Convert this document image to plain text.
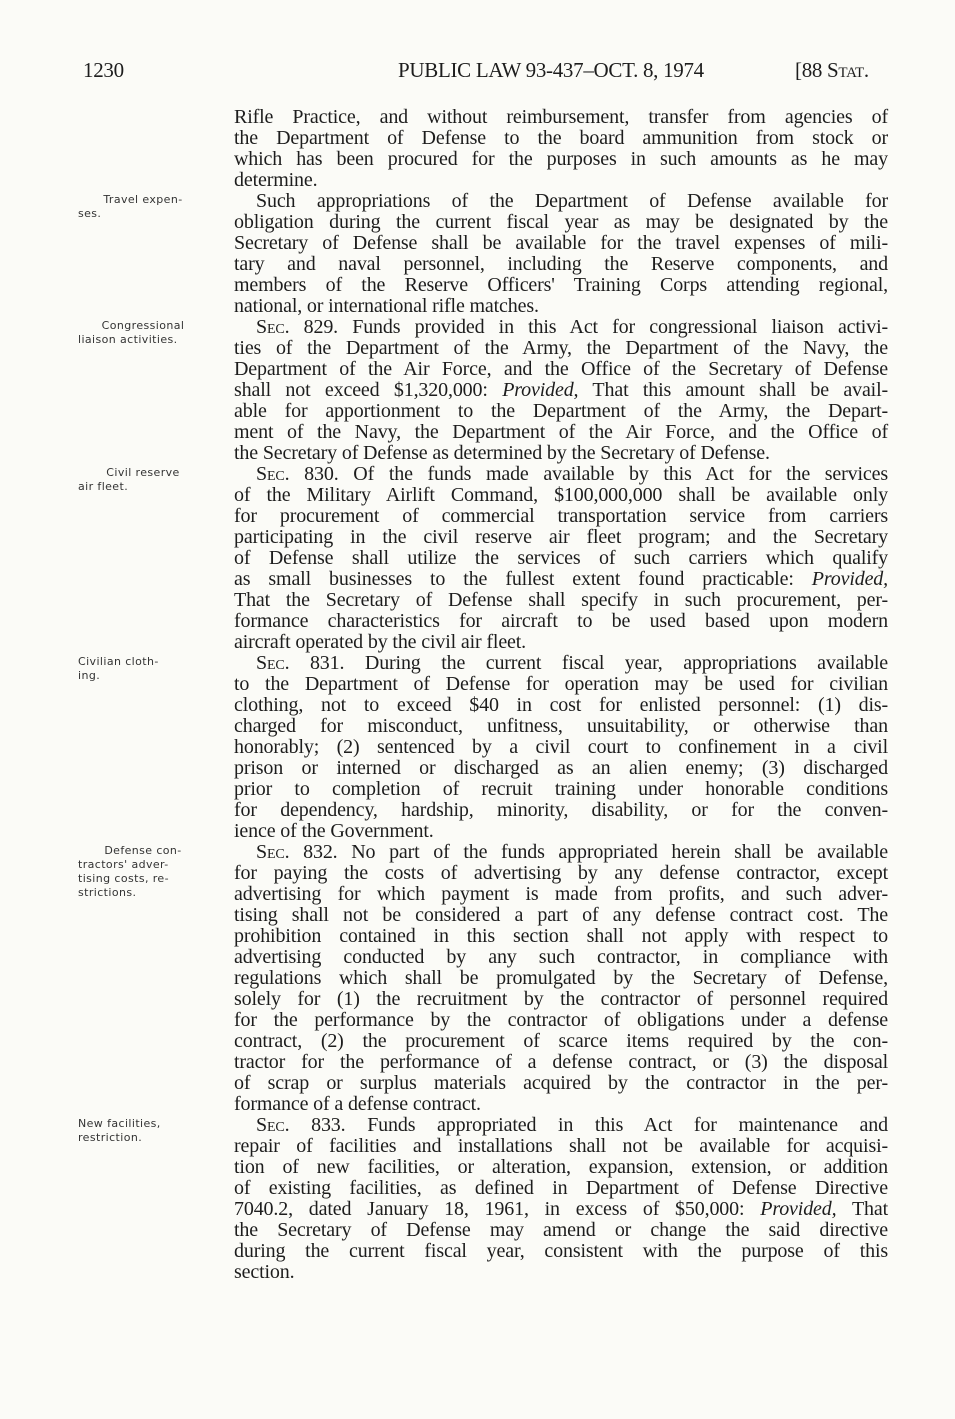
1230	PUBLIC LAW 93-437–OCT. 8, 1974	[88 Stat.
Travel expen-
ses.
Congressional
liaison activities.
Civil reserve
air fleet.
Civilian cloth-
ing.
Defense con-
tractors' adver-
tising costs, re-
strictions.
New facilities,
restriction.
Rifle Practice, and without reimbursement, transfer from agencies of
the Department of Defense to the board ammunition from stock or
which has been procured for the purposes in such amounts as he may
determine.
Such appropriations of the Department of Defense available for
obligation during the current fiscal year as may be designated by the
Secretary of Defense shall be available for the travel expenses of mili-
tary and naval personnel, including the Reserve components, and
members of the Reserve Officers' Training Corps attending regional,
national, or international rifle matches.
Sec. 829. Funds provided in this Act for congressional liaison activi-
ties of the Department of the Army, the Department of the Navy, the
Department of the Air Force, and the Office of the Secretary of Defense
shall not exceed $1,320,000: Provided, That this amount shall be avail-
able for apportionment to the Department of the Army, the Depart-
ment of the Navy, the Department of the Air Force, and the Office of
the Secretary of Defense as determined by the Secretary of Defense.
Sec. 830. Of the funds made available by this Act for the services
of the Military Airlift Command, $100,000,000 shall be available only
for procurement of commercial transportation service from carriers
participating in the civil reserve air fleet program; and the Secretary
of Defense shall utilize the services of such carriers which qualify
as small businesses to the fullest extent found practicable: Provided,
That the Secretary of Defense shall specify in such procurement, per-
formance characteristics for aircraft to be used based upon modern
aircraft operated by the civil air fleet.
Sec. 831. During the current fiscal year, appropriations available
to the Department of Defense for operation may be used for civilian
clothing, not to exceed $40 in cost for enlisted personnel: (1) dis-
charged for misconduct, unfitness, unsuitability, or otherwise than
honorably; (2) sentenced by a civil court to confinement in a civil
prison or interned or discharged as an alien enemy; (3) discharged
prior to completion of recruit training under honorable conditions
for dependency, hardship, minority, disability, or for the conven-
ience of the Government.
Sec. 832. No part of the funds appropriated herein shall be available
for paying the costs of advertising by any defense contractor, except
advertising for which payment is made from profits, and such adver-
tising shall not be considered a part of any defense contract cost. The
prohibition contained in this section shall not apply with respect to
advertising conducted by any such contractor, in compliance with
regulations which shall be promulgated by the Secretary of Defense,
solely for (1) the recruitment by the contractor of personnel required
for the performance by the contractor of obligations under a defense
contract, (2) the procurement of scarce items required by the con-
tractor for the performance of a defense contract, or (3) the disposal
of scrap or surplus materials acquired by the contractor in the per-
formance of a defense contract.
Sec. 833. Funds appropriated in this Act for maintenance and
repair of facilities and installations shall not be available for acquisi-
tion of new facilities, or alteration, expansion, extension, or addition
of existing facilities, as defined in Department of Defense Directive
7040.2, dated January 18, 1961, in excess of $50,000: Provided, That
the Secretary of Defense may amend or change the said directive
during the current fiscal year, consistent with the purpose of this
section.
